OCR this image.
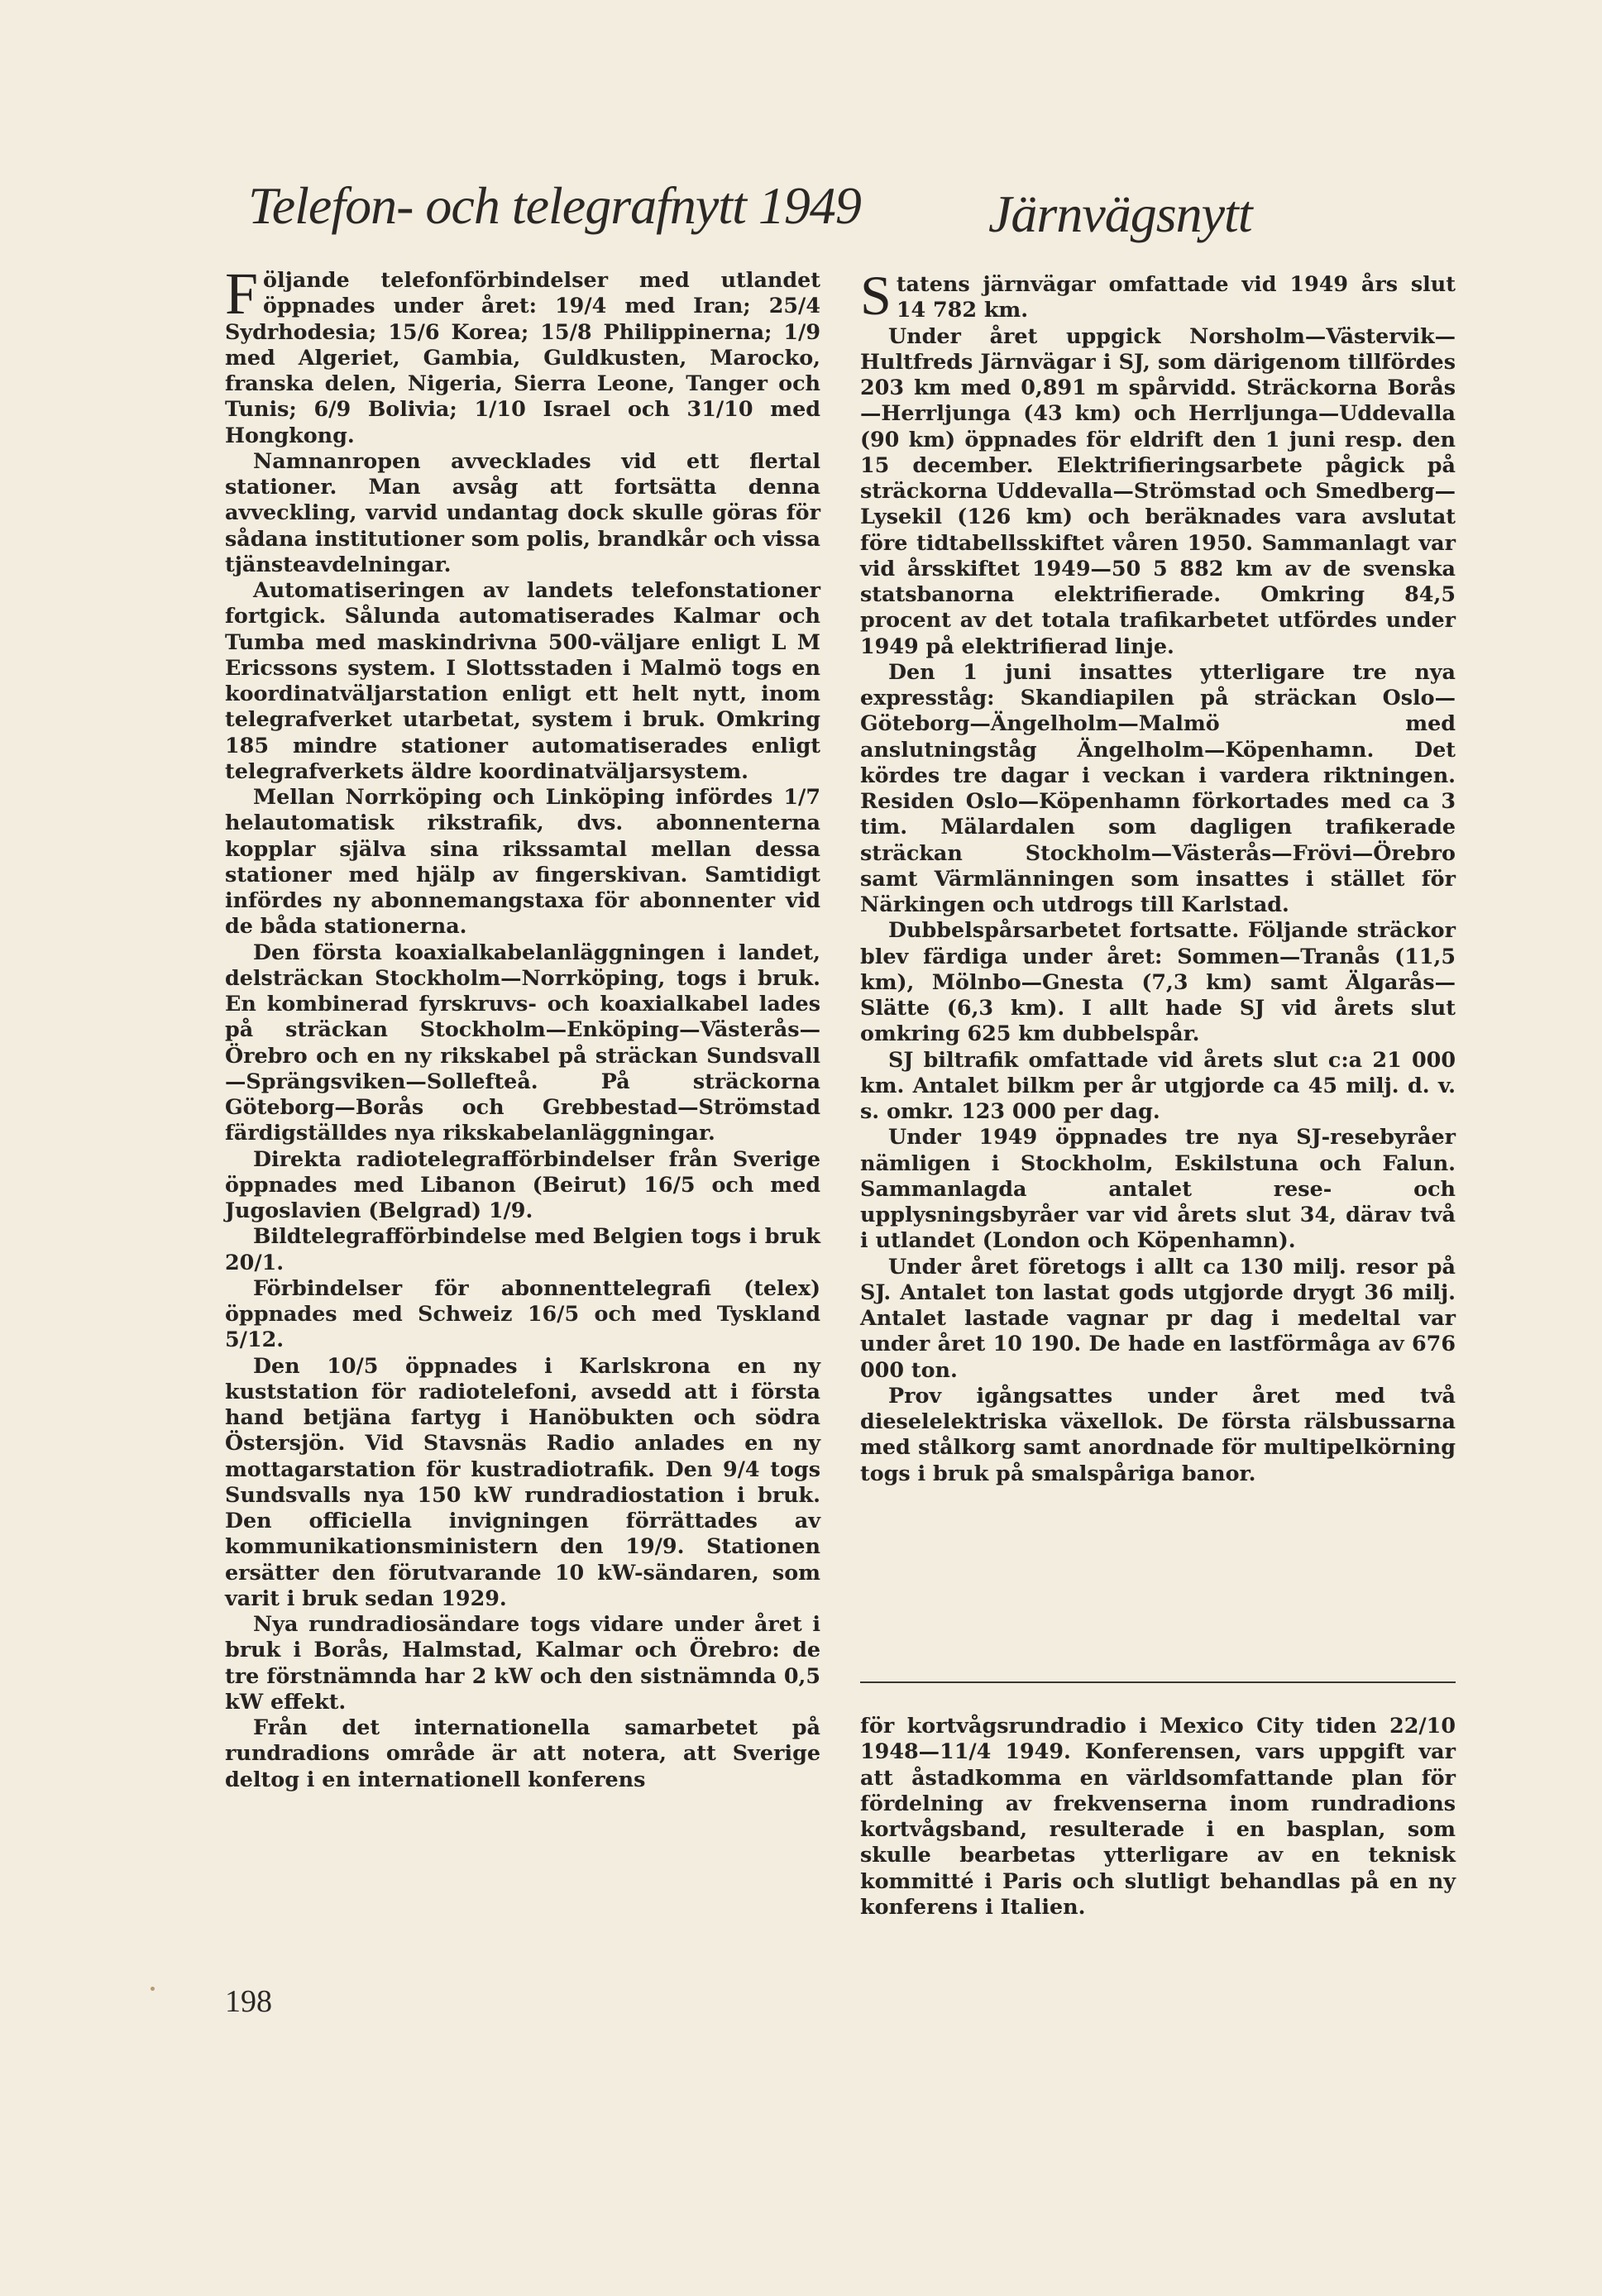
Telefon- och telegrafnytt 1949 Järnvägsnytt

Följande telefonförbindelser med utlandet öppnades under året: 19/4 med Iran; 25/4 Sydrhodesia; 15/6 Korea; 15/8 Philippinerna; 1/9 med Algeriet, Gambia, Guldkusten, Marocko, franska delen, Nigeria, Sierra Leone, Tanger och Tunis; 6/9 Bolivia; 1/10 Israel och 31/10 med Hongkong.

Namnanropen avvecklades vid ett flertal stationer. Man avsåg att fortsätta denna avveckling, varvid undantag dock skulle göras för sådana institutioner som polis, brandkår och vissa tjänsteavdelningar.

Automatiseringen av landets telefonstationer fortgick. Sålunda automatiserades Kalmar och Tumba med maskindrivna 500-väljare enligt L M Ericssons system. I Slottsstaden i Malmö togs en koordinatväljarstation enligt ett helt nytt, inom telegrafverket utarbetat, system i bruk. Omkring 185 mindre stationer automatiserades enligt telegrafverkets äldre koordinatväljarsystem.

Mellan Norrköping och Linköping infördes 1/7 helautomatisk rikstrafik, dvs. abonnenterna kopplar själva sina rikssamtal mellan dessa stationer med hjälp av fingerskivan. Samtidigt infördes ny abonnemangstaxa för abonnenter vid de båda stationerna.

Den första koaxialkabelanläggningen i landet, delsträckan Stockholm—Norrköping, togs i bruk. En kombinerad fyrskruvs- och koaxialkabel lades på sträckan Stockholm—Enköping—Västerås—Örebro och en ny rikskabel på sträckan Sundsvall—Sprängsviken—Sollefteå. På sträckorna Göteborg—Borås och Grebbestad—Strömstad färdigställdes nya rikskabelanläggningar.

Direkta radiotelegrafförbindelser från Sverige öppnades med Libanon (Beirut) 16/5 och med Jugoslavien (Belgrad) 1/9.

Bildtelegrafförbindelse med Belgien togs i bruk 20/1.

Förbindelser för abonnenttelegrafi (telex) öppnades med Schweiz 16/5 och med Tyskland 5/12.

Den 10/5 öppnades i Karlskrona en ny kuststation för radiotelefoni, avsedd att i första hand betjäna fartyg i Hanöbukten och södra Östersjön. Vid Stavsnäs Radio anlades en ny mottagarstation för kustradiotrafik. Den 9/4 togs Sundsvalls nya 150 kW rundradiostation i bruk. Den officiella invigningen förrättades av kommunikationsministern den 19/9. Stationen ersätter den förutvarande 10 kW-sändaren, som varit i bruk sedan 1929.

Nya rundradiosändare togs vidare under året i bruk i Borås, Halmstad, Kalmar och Örebro: de tre förstnämnda har 2 kW och den sistnämnda 0,5 kW effekt.

Från det internationella samarbetet på rundradions område är att notera, att Sverige deltog i en internationell konferens

Statens järnvägar omfattade vid 1949 års slut 14 782 km.

Under året uppgick Norsholm—Västervik—Hultfreds Järnvägar i SJ, som därigenom tillfördes 203 km med 0,891 m spårvidd. Sträckorna Borås—Herrljunga (43 km) och Herrljunga—Uddevalla (90 km) öppnades för eldrift den 1 juni resp. den 15 december. Elektrifieringsarbete pågick på sträckorna Uddevalla—Strömstad och Smedberg—Lysekil (126 km) och beräknades vara avslutat före tidtabellsskiftet våren 1950. Sammanlagt var vid årsskiftet 1949—50 5 882 km av de svenska statsbanorna elektrifierade. Omkring 84,5 procent av det totala trafikarbetet utfördes under 1949 på elektrifierad linje.

Den 1 juni insattes ytterligare tre nya expresståg: Skandiapilen på sträckan Oslo—Göteborg—Ängelholm—Malmö med anslutningståg Ängelholm—Köpenhamn. Det kördes tre dagar i veckan i vardera riktningen. Residen Oslo—Köpenhamn förkortades med ca 3 tim. Mälardalen som dagligen trafikerade sträckan Stockholm—Västerås—Frövi—Örebro samt Värmlänningen som insattes i stället för Närkingen och utdrogs till Karlstad.

Dubbelspårsarbetet fortsatte. Följande sträckor blev färdiga under året: Sommen—Tranås (11,5 km), Mölnbo—Gnesta (7,3 km) samt Älgarås—Slätte (6,3 km). I allt hade SJ vid årets slut omkring 625 km dubbelspår.

SJ biltrafik omfattade vid årets slut c:a 21 000 km. Antalet bilkm per år utgjorde ca 45 milj. d. v. s. omkr. 123 000 per dag.

Under 1949 öppnades tre nya SJ-resebyråer nämligen i Stockholm, Eskilstuna och Falun. Sammanlagda antalet rese- och upplysningsbyråer var vid årets slut 34, därav två i utlandet (London och Köpenhamn).

Under året företogs i allt ca 130 milj. resor på SJ. Antalet ton lastat gods utgjorde drygt 36 milj. Antalet lastade vagnar pr dag i medeltal var under året 10 190. De hade en lastförmåga av 676 000 ton.

Prov igångsattes under året med två dieselelektriska växellok. De första rälsbussarna med stålkorg samt anordnade för multipelkörning togs i bruk på smalspåriga banor.

för kortvågsrundradio i Mexico City tiden 22/10 1948—11/4 1949. Konferensen, vars uppgift var att åstadkomma en världsomfattande plan för fördelning av frekvenserna inom rundradions kortvågsband, resulterade i en basplan, som skulle bearbetas ytterligare av en teknisk kommitté i Paris och slutligt behandlas på en ny konferens i Italien.

198
